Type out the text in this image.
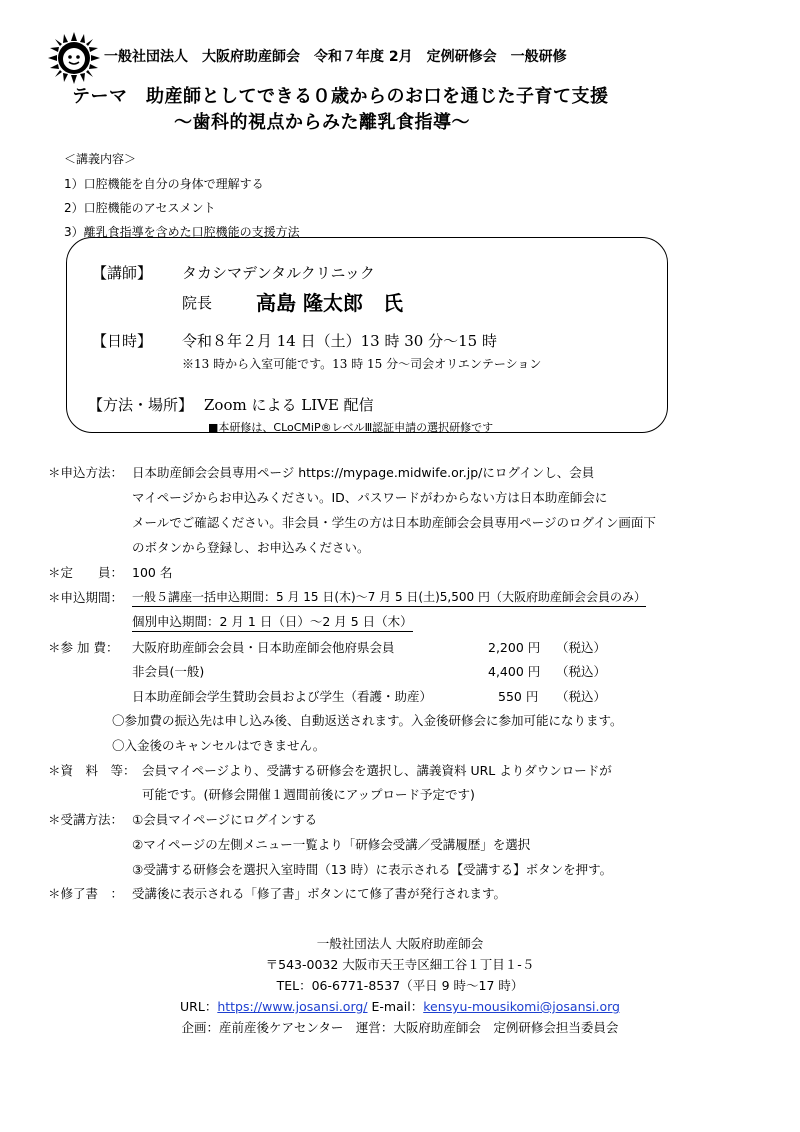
一般社団法人　大阪府助産師会　令和７年度 2月　定例研修会　一般研修
テーマ　助産師としてできる０歳からのお口を通じた子育て支援
～歯科的視点からみた離乳食指導～
＜講義内容＞
1）口腔機能を自分の身体で理解する
2）口腔機能のアセスメント
3）離乳食指導を含めた口腔機能の支援方法
【講師】 タカシマデンタルクリニック
院長 高島 隆太郎　氏
【日時】 令和８年２月 14 日（土）13 時 30 分～15 時
※13 時から入室可能です。13 時 15 分～司会オリエンテーション
【方法・場所】 Zoom による LIVE 配信
■本研修は、CLoCMiP®レベルⅢ認証申請の選択研修です
＊申込方法： 日本助産師会会員専用ページ https://mypage.midwife.or.jp/にログインし、会員
マイページからお申込みください。ID、パスワードがわからない方は日本助産師会に
メールでご確認ください。非会員・学生の方は日本助産師会会員専用ページのログイン画面下
のボタンから登録し、お申込みください。
＊定　　員： 100 名
＊申込期間： 一般５講座一括申込期間：5 月 15 日(木)～7 月 5 日(土)5,500 円（大阪府助産師会会員のみ）
個別申込期間：2 月 1 日（日）～2 月 5 日（木）
＊参 加 費： 大阪府助産師会会員・日本助産師会他府県会員	2,200 円 （税込）
非会員(一般)	4,400 円 （税込）
日本助産師会学生賛助会員および学生（看護・助産）	550 円 （税込）
〇参加費の振込先は申し込み後、自動返送されます。入金後研修会に参加可能になります。
〇入金後のキャンセルはできません。
＊資　料　等： 会員マイページより、受講する研修会を選択し、講義資料 URL よりダウンロードが
可能です。(研修会開催１週間前後にアップロード予定です)
＊受講方法： ①会員マイページにログインする
②マイページの左側メニュー一覧より「研修会受講／受講履歴」を選択
③受講する研修会を選択入室時間（13 時）に表示される【受講する】ボタンを押す。
＊修了書　： 受講後に表示される「修了書」ボタンにて修了書が発行されます。
一般社団法人 大阪府助産師会
〒543-0032 大阪市天王寺区細工谷１丁目１-５
TEL：06-6771-8537（平日 9 時～17 時）
URL：https://www.josansi.org/ E-mail：kensyu-mousikomi@josansi.org
企画：産前産後ケアセンター　運営：大阪府助産師会　定例研修会担当委員会
